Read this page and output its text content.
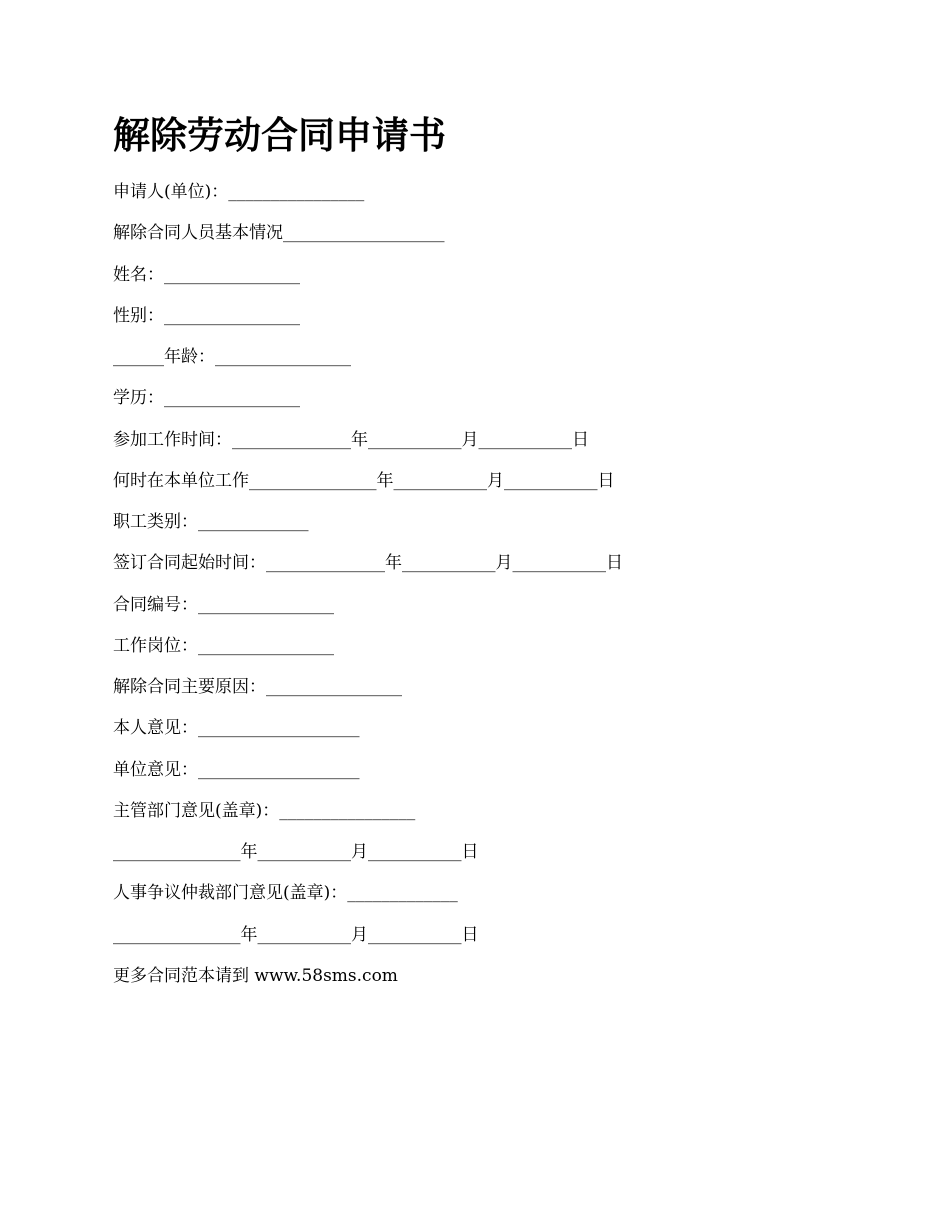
解除劳动合同申请书
申请人(单位)：________________
解除合同人员基本情况___________________
姓名：________________
性别：________________
______年龄：________________
学历：________________
参加工作时间：______________年___________月___________日
何时在本单位工作_______________年___________月___________日
职工类别：_____________
签订合同起始时间：______________年___________月___________日
合同编号：________________
工作岗位：________________
解除合同主要原因：________________
本人意见：___________________
单位意见：___________________
主管部门意见(盖章)：________________
_______________年___________月___________日
人事争议仲裁部门意见(盖章)：_____________
_______________年___________月___________日
更多合同范本请到 www.58sms.com
